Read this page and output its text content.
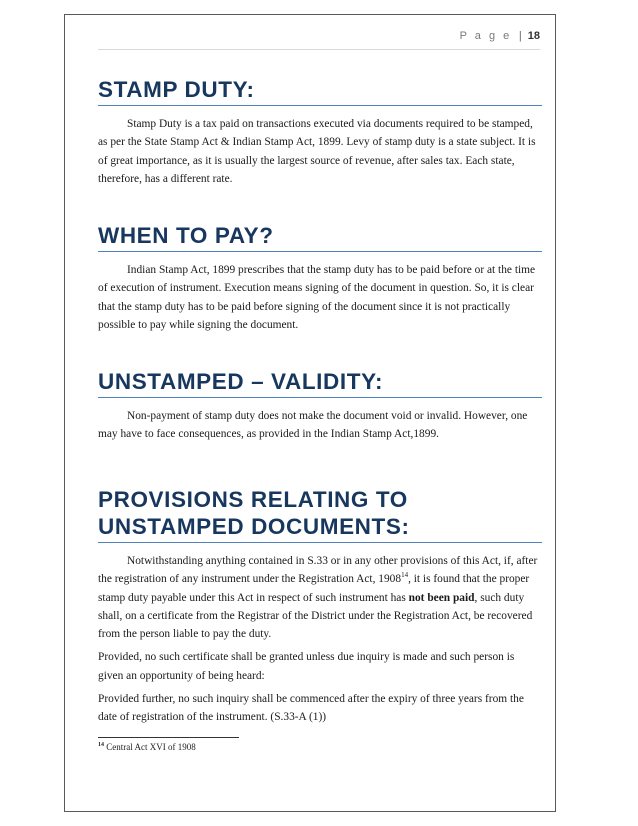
P a g e | 18
STAMP DUTY:

Stamp Duty is a tax paid on transactions executed via documents required to be stamped, as per the State Stamp Act & Indian Stamp Act, 1899. Levy of stamp duty is a state subject. It is of great importance, as it is usually the largest source of revenue, after sales tax. Each state, therefore, has a different rate.

WHEN TO PAY?

Indian Stamp Act, 1899 prescribes that the stamp duty has to be paid before or at the time of execution of instrument. Execution means signing of the document in question. So, it is clear that the stamp duty has to be paid before signing of the document since it is not practically possible to pay while signing the document.

UNSTAMPED – VALIDITY:

Non-payment of stamp duty does not make the document void or invalid. However, one may have to face consequences, as provided in the Indian Stamp Act,1899.

PROVISIONS RELATING TO
UNSTAMPED DOCUMENTS:

Notwithstanding anything contained in S.33 or in any other provisions of this Act, if, after the registration of any instrument under the Registration Act, 1908$^{14}$, it is found that the proper stamp duty payable under this Act in respect of such instrument has not been paid, such duty shall, on a certificate from the Registrar of the District under the Registration Act, be recovered from the person liable to pay the duty.

Provided, no such certificate shall be granted unless due inquiry is made and such person is given an opportunity of being heard:

Provided further, no such inquiry shall be commenced after the expiry of three years from the date of registration of the instrument. (S.33-A (1))

$^{14}$ Central Act XVI of 1908
